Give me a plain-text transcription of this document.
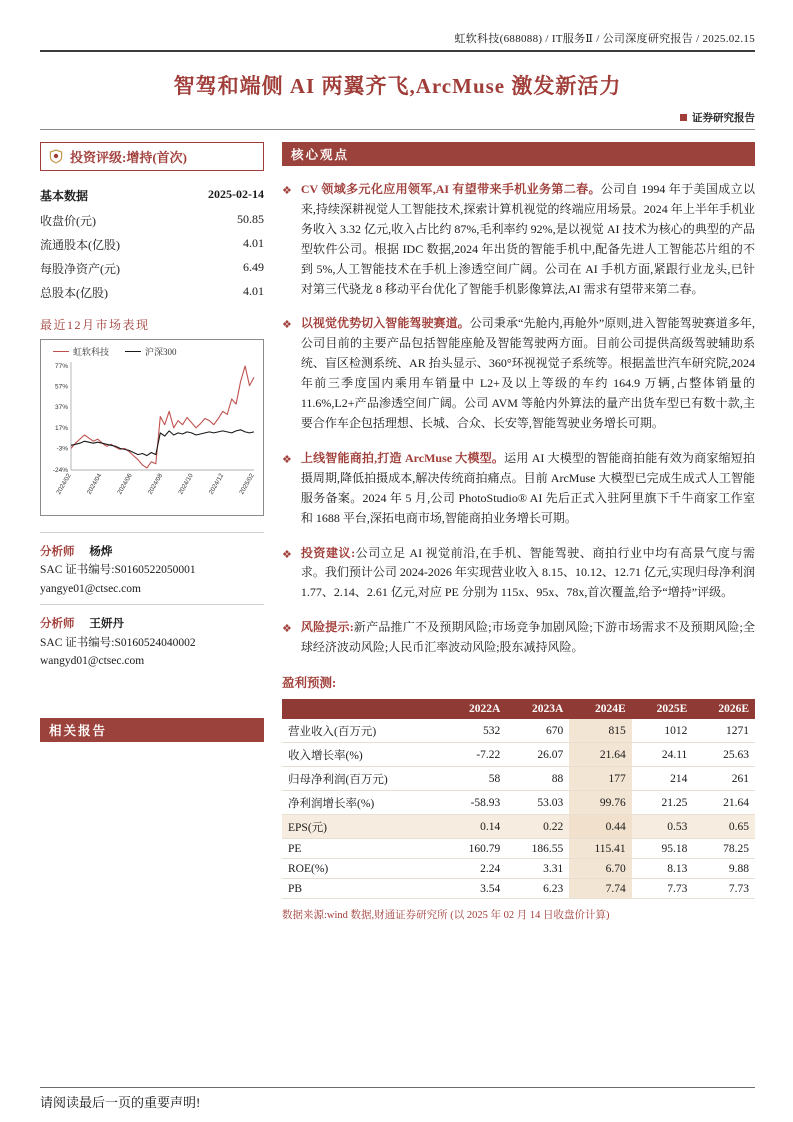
虹软科技(688088) / IT服务Ⅱ / 公司深度研究报告 / 2025.02.15
智驾和端侧 AI 两翼齐飞,ArcMuse 激发新活力
证券研究报告
投资评级:增持(首次)
基本数据	2025-02-14
收盘价(元)	50.85
流通股本(亿股)	4.01
每股净资产(元)	6.49
总股本(亿股)	4.01
最近12月市场表现
虹软科技	沪深300
77%
57%
37%
17%
-3%
-24%
2024/02 2024/04 2024/06 2024/08 2024/10 2024/12 2025/02
分析师 杨烨
SAC 证书编号:S0160522050001
yangye01@ctsec.com
分析师 王妍丹
SAC 证书编号:S0160524040002
wangyd01@ctsec.com
相关报告
核心观点
❖ CV 领域多元化应用领军,AI 有望带来手机业务第二春。公司自 1994 年于美国成立以来,持续深耕视觉人工智能技术,探索计算机视觉的终端应用场景。2024 年上半年手机业务收入 3.32 亿元,收入占比约 87%,毛利率约 92%,是以视觉 AI 技术为核心的典型的产品型软件公司。根据 IDC 数据,2024 年出货的智能手机中,配备先进人工智能芯片组的不到 5%,人工智能技术在手机上渗透空间广阔。公司在 AI 手机方面,紧跟行业龙头,已针对第三代骁龙 8 移动平台优化了智能手机影像算法,AI 需求有望带来第二春。
❖ 以视觉优势切入智能驾驶赛道。公司秉承“先舱内,再舱外”原则,进入智能驾驶赛道多年,公司目前的主要产品包括智能座舱及智能驾驶两方面。目前公司提供高级驾驶辅助系统、盲区检测系统、AR 抬头显示、360°环视视觉子系统等。根据盖世汽车研究院,2024 年前三季度国内乘用车销量中 L2+及以上等级的车约 164.9 万辆,占整体销量的 11.6%,L2+产品渗透空间广阔。公司 AVM 等舱内外算法的量产出货车型已有数十款,主要合作车企包括理想、长城、合众、长安等,智能驾驶业务增长可期。
❖ 上线智能商拍,打造 ArcMuse 大模型。运用 AI 大模型的智能商拍能有效为商家缩短拍摄周期,降低拍摄成本,解决传统商拍痛点。目前 ArcMuse 大模型已完成生成式人工智能服务备案。2024 年 5 月,公司 PhotoStudio® AI 先后正式入驻阿里旗下千牛商家工作室和 1688 平台,深拓电商市场,智能商拍业务增长可期。
❖ 投资建议:公司立足 AI 视觉前沿,在手机、智能驾驶、商拍行业中均有高景气度与需求。我们预计公司 2024-2026 年实现营业收入 8.15、10.12、12.71 亿元,实现归母净利润 1.77、2.14、2.61 亿元,对应 PE 分别为 115x、95x、78x,首次覆盖,给予“增持”评级。
❖ 风险提示:新产品推广不及预期风险;市场竞争加剧风险;下游市场需求不及预期风险;全球经济波动风险;人民币汇率波动风险;股东减持风险。
盈利预测:
	2022A	2023A	2024E	2025E	2026E
营业收入(百万元)	532	670	815	1012	1271
收入增长率(%)	-7.22	26.07	21.64	24.11	25.63
归母净利润(百万元)	58	88	177	214	261
净利润增长率(%)	-58.93	53.03	99.76	21.25	21.64
EPS(元)	0.14	0.22	0.44	0.53	0.65
PE	160.79	186.55	115.41	95.18	78.25
ROE(%)	2.24	3.31	6.70	8.13	9.88
PB	3.54	6.23	7.74	7.73	7.73
数据来源:wind 数据,财通证券研究所 (以 2025 年 02 月 14 日收盘价计算)
请阅读最后一页的重要声明!
